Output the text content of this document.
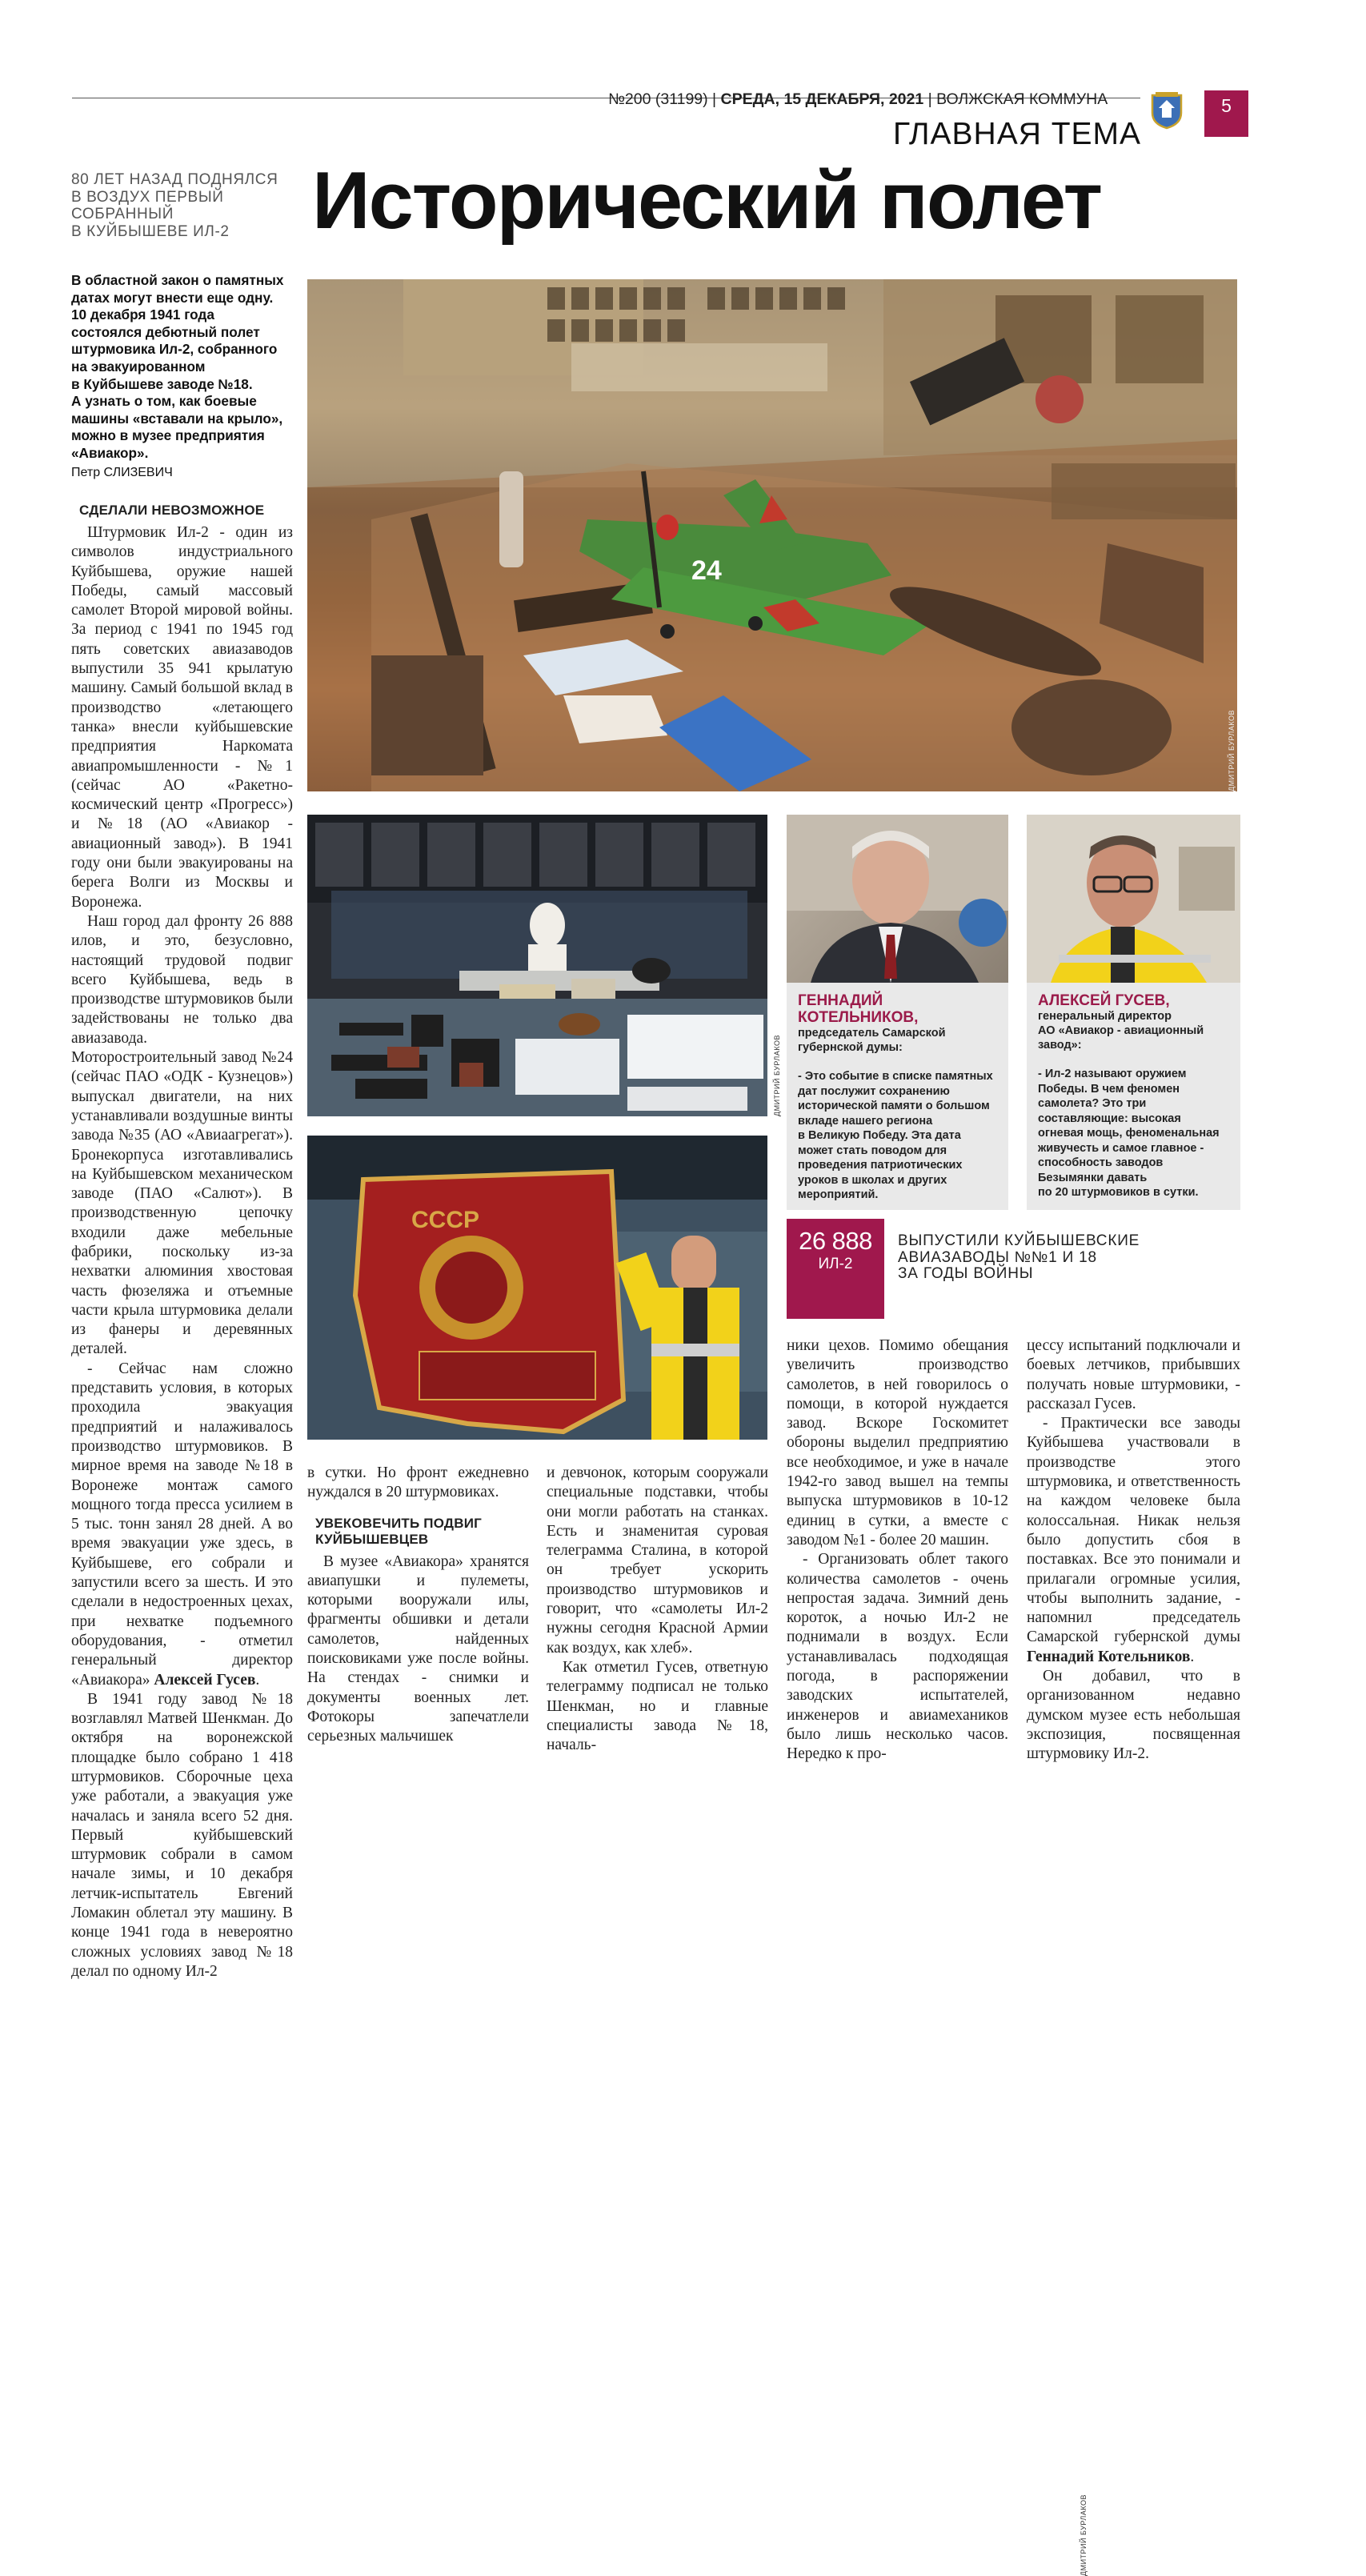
№200 (31199) | СРЕДА, 15 ДЕКАБРЯ, 2021 | ВОЛЖСКАЯ КОММУНА	5
ГЛАВНАЯ ТЕМА
80 ЛЕТ НАЗАД ПОДНЯЛСЯ
В ВОЗДУХ ПЕРВЫЙ
СОБРАННЫЙ
В КУЙБЫШЕВЕ ИЛ-2	Исторический полет
В областной закон о памятных
датах могут внести еще одну.
10 декабря 1941 года
состоялся дебютный полет
штурмовика Ил-2, собранного
на эвакуированном
в Куйбышеве заводе №18.
А узнать о том, как боевые
машины «вставали на крыло»,
можно в музее предприятия
«Авиакор».
Петр СЛИЗЕВИЧ
24
ДМИТРИЙ БУРЛАКОВ
ДМИТРИЙ БУРЛАКОВ
СССР
ДМИТРИЙ БУРЛАКОВ
ГЕННАДИЙ
КОТЕЛЬНИКОВ,
председатель Самарской
губернской думы:
- Это событие в списке памятных
дат послужит сохранению
исторической памяти о большом
вкладе нашего региона
в Великую Победу. Эта дата
может стать поводом для
проведения патриотических
уроков в школах и других
мероприятий.
АЛЕКСЕЙ ГУСЕВ,
генеральный директор
АО «Авиакор - авиационный
завод»:
- Ил-2 называют оружием
Победы. В чем феномен
самолета? Это три
составляющие: высокая
огневая мощь, феноменальная
живучесть и самое главное -
способность заводов
Безымянки давать
по 20 штурмовиков в сутки.
26 888
ИЛ-2
ВЫПУСТИЛИ КУЙБЫШЕВСКИЕ
АВИАЗАВОДЫ №№1 И 18
ЗА ГОДЫ ВОЙНЫ
СДЕЛАЛИ НЕВОЗМОЖНОЕ

Штурмовик Ил-2 - один из символов индустриального Куйбышева, оружие нашей Победы, самый массовый самолет Второй мировой войны. За период с 1941 по 1945 год пять советских авиазаводов выпустили 35 941 крылатую машину. Самый большой вклад в производство «летающего танка» внесли куйбышевские предприятия Наркомата авиапромышленности - №1 (сейчас АО «Ракетно-космический центр «Прогресс») и №18 (АО «Авиакор - авиационный завод»). В 1941 году они были эвакуированы на берега Волги из Москвы и Воронежа.

Наш город дал фронту 26 888 илов, и это, безусловно, настоящий трудовой подвиг всего Куйбышева, ведь в производстве штурмовиков были задействованы не только два авиазавода. Моторостроительный завод №24 (сейчас ПАО «ОДК - Кузнецов») выпускал двигатели, на них устанавливали воздушные винты завода №35 (АО «Авиаагрегат»). Бронекорпуса изготавливались на Куйбышевском механическом заводе (ПАО «Салют»). В производственную цепочку входили даже мебельные фабрики, поскольку из-за нехватки алюминия хвостовая часть фюзеляжа и отъемные части крыла штурмовика делали из фанеры и деревянных деталей.

- Сейчас нам сложно представить условия, в которых проходила эвакуация предприятий и налаживалось производство штурмовиков. В мирное время на заводе №18 в Воронеже монтаж самого мощного тогда пресса усилием в 5 тыс. тонн занял 28 дней. А во время эвакуации уже здесь, в Куйбышеве, его собрали и запустили всего за шесть. И это сделали в недостроенных цехах, при нехватке подъемного оборудования, - отметил генеральный директор «Авиакора» Алексей Гусев.

В 1941 году завод №18 возглавлял Матвей Шенкман. До октября на воронежской площадке было собрано 1 418 штурмовиков. Сборочные цеха уже работали, а эвакуация уже началась и заняла всего 52 дня. Первый куйбышевский штурмовик собрали в самом начале зимы, и 10 декабря летчик-испытатель Евгений Ломакин облетал эту машину. В конце 1941 года в невероятно сложных условиях завод №18 делал по одному Ил-2

в сутки. Но фронт ежедневно нуждался в 20 штурмовиках.

УВЕКОВЕЧИТЬ ПОДВИГ КУЙБЫШЕВЦЕВ

В музее «Авиакора» хранятся авиапушки и пулеметы, которыми вооружали илы, фрагменты обшивки и детали самолетов, найденных поисковиками уже после войны. На стендах - снимки и документы военных лет. Фотокоры запечатлели серьезных мальчишек

и девчонок, которым сооружали специальные подставки, чтобы они могли работать на станках. Есть и знаменитая суровая телеграмма Сталина, в которой он требует ускорить производство штурмовиков и говорит, что «самолеты Ил-2 нужны сегодня Красной Армии как воздух, как хлеб».

Как отметил Гусев, ответную телеграмму подписал не только Шенкман, но и главные специалисты завода №18, началь-

ники цехов. Помимо обещания увеличить производство самолетов, в ней говорилось о помощи, в которой нуждается завод. Вскоре Госкомитет обороны выделил предприятию все необходимое, и уже в начале 1942-го завод вышел на темпы выпуска штурмовиков в 10-12 единиц в сутки, а вместе с заводом №1 - более 20 машин.

- Организовать облет такого количества самолетов - очень непростая задача. Зимний день короток, а ночью Ил-2 не поднимали в воздух. Если устанавливалась подходящая погода, в распоряжении заводских испытателей, инженеров и авиамехаников было лишь несколько часов. Нередко к про-

цессу испытаний подключали и боевых летчиков, прибывших получать новые штурмовики, - рассказал Гусев.

- Практически все заводы Куйбышева участвовали в производстве этого штурмовика, и ответственность на каждом человеке была колоссальная. Никак нельзя было допустить сбоя в поставках. Все это понимали и прилагали огромные усилия, чтобы выполнить задание, - напомнил председатель Самарской губернской думы Геннадий Котельников.

Он добавил, что в организованном недавно думском музее есть небольшая экспозиция, посвященная штурмовику Ил-2.
